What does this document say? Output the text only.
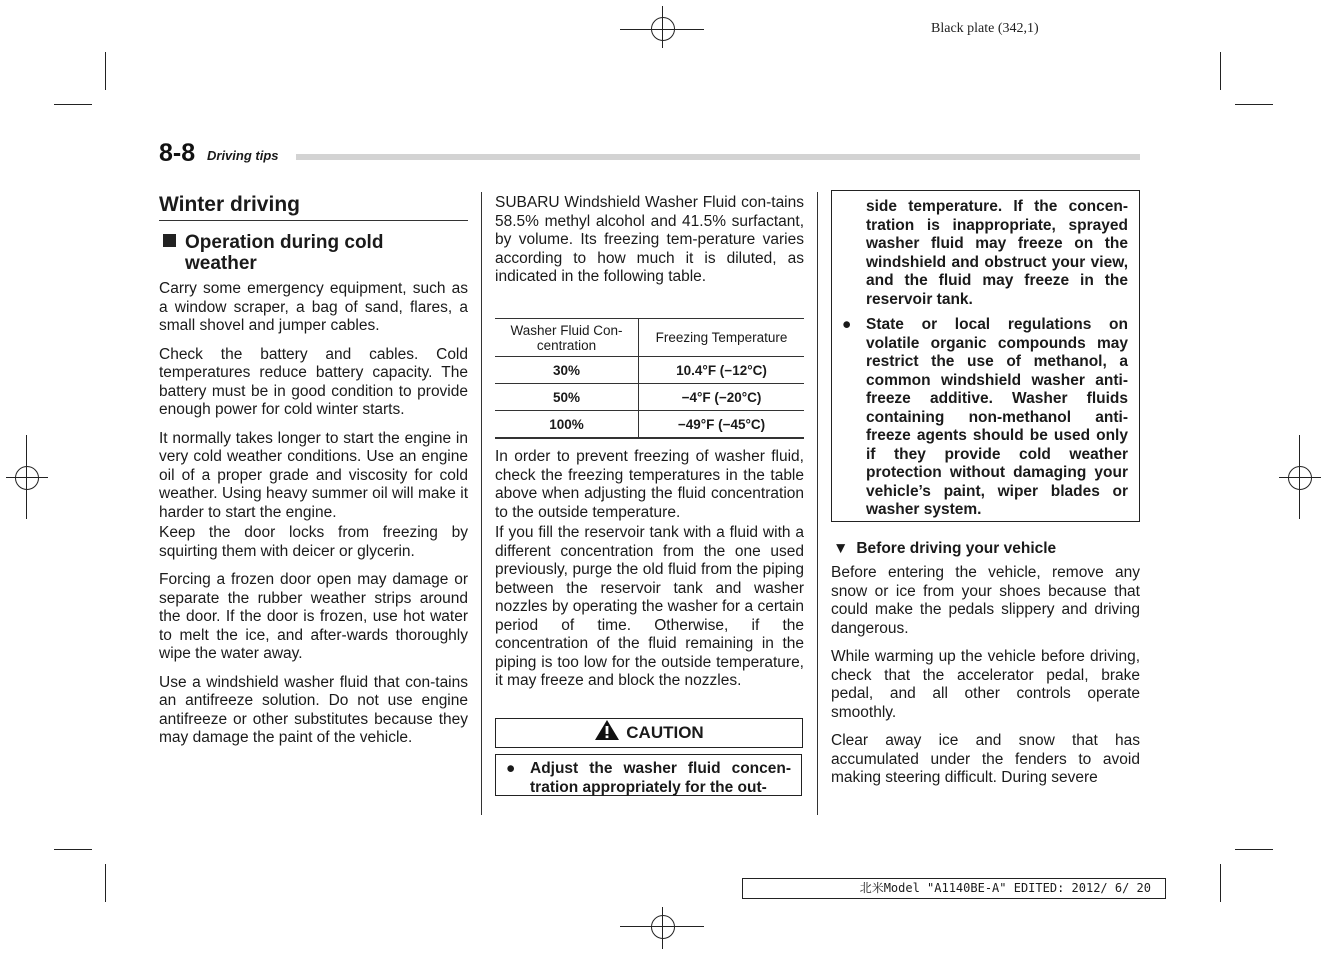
Black plate (342,1)
8-8 Driving tips
Winter driving
Operation during cold
weather

Carry some emergency equipment, such as a window scraper, a bag of sand, flares, a small shovel and jumper cables.

Check the battery and cables. Cold temperatures reduce battery capacity. The battery must be in good condition to provide enough power for cold winter starts.

It normally takes longer to start the engine in very cold weather conditions. Use an engine oil of a proper grade and viscosity for cold weather. Using heavy summer oil will make it harder to start the engine.

Keep the door locks from freezing by squirting them with deicer or glycerin.

Forcing a frozen door open may damage or separate the rubber weather strips around the door. If the door is frozen, use hot water to melt the ice, and after-wards thoroughly wipe the water away.

Use a windshield washer fluid that con-tains an antifreeze solution. Do not use engine antifreeze or other substitutes because they may damage the paint of the vehicle.

SUBARU Windshield Washer Fluid con-tains 58.5% methyl alcohol and 41.5% surfactant, by volume. Its freezing tem-perature varies according to how much it is diluted, as indicated in the following table.
Washer Fluid Con-centration	Freezing Temperature
30%	10.4°F (−12°C)
50%	−4°F (−20°C)
100%	−49°F (−45°C)

In order to prevent freezing of washer fluid, check the freezing temperatures in the table above when adjusting the fluid concentration to the outside temperature.

If you fill the reservoir tank with a fluid with a different concentration from the one used previously, purge the old fluid from the piping between the reservoir tank and washer nozzles by operating the washer for a certain period of time. Otherwise, if the concentration of the fluid remaining in the piping is too low for the outside temperature, it may freeze and block the nozzles.

CAUTION
● Adjust the washer fluid concen-tration appropriately for the out-
side temperature. If the concen-tration is inappropriate, sprayed washer fluid may freeze on the windshield and obstruct your view, and the fluid may freeze in the reservoir tank.
● State or local regulations on volatile organic compounds may restrict the use of methanol, a common windshield washer anti-freeze additive. Washer fluids containing non-methanol anti-freeze agents should be used only if they provide cold weather protection without damaging your vehicle’s paint, wiper blades or washer system.
▼ Before driving your vehicle

Before entering the vehicle, remove any snow or ice from your shoes because that could make the pedals slippery and driving dangerous.

While warming up the vehicle before driving, check that the accelerator pedal, brake pedal, and all other controls operate smoothly.

Clear away ice and snow that has accumulated under the fenders to avoid making steering difficult. During severe

北米Model "A1140BE-A" EDITED: 2012/ 6/ 20
